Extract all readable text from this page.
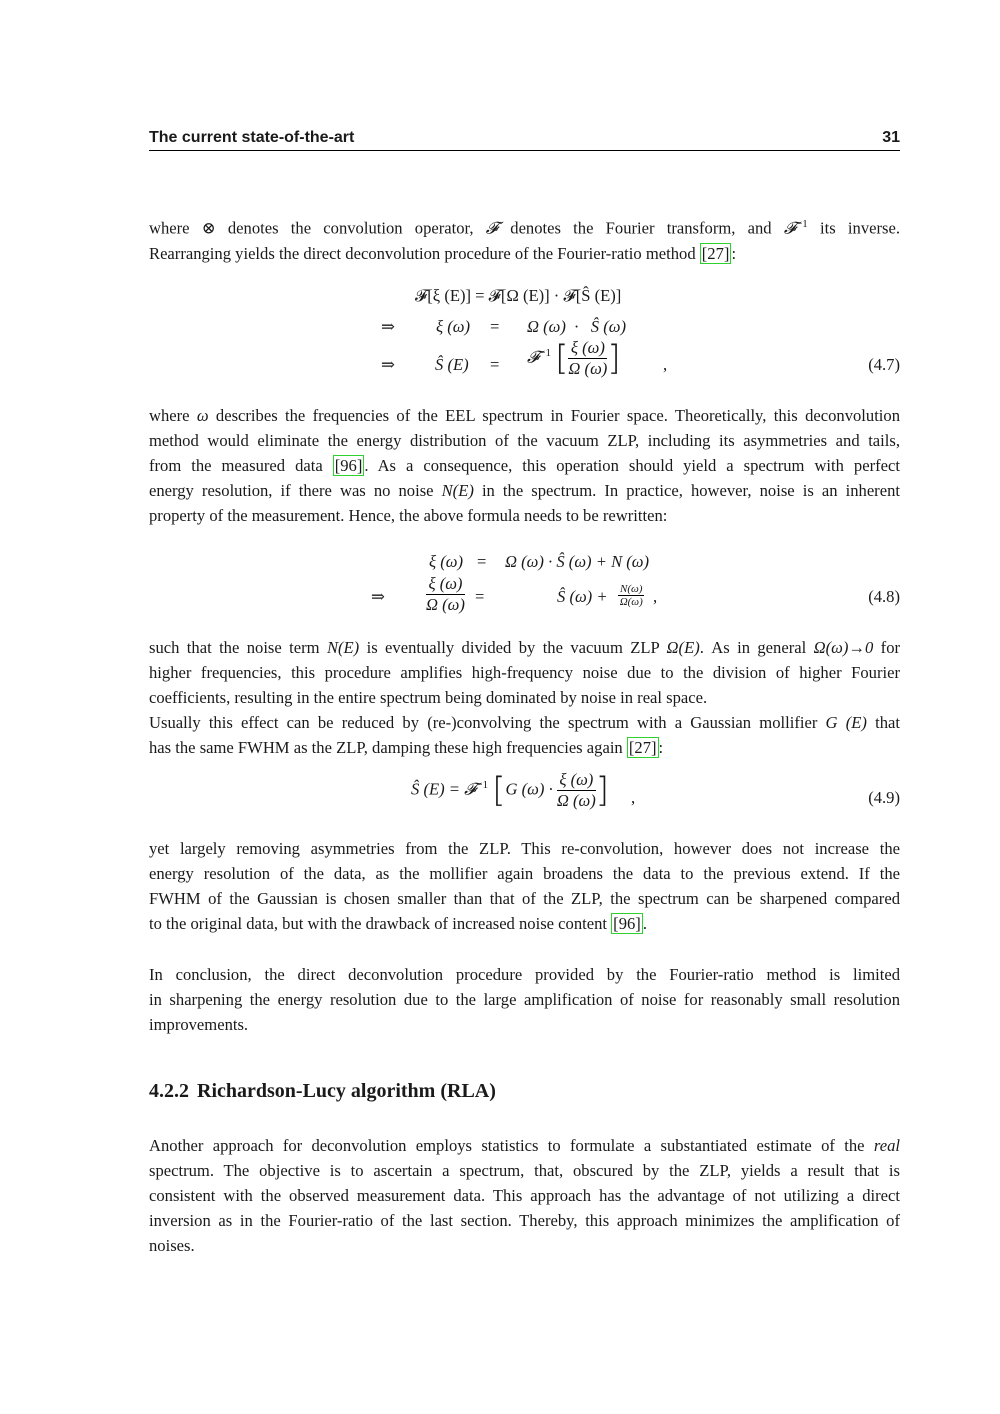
The current state-of-the-art	31
where ⊗ denotes the convolution operator, 𝓕 denotes the Fourier transform, and 𝓕$^{-1}$ its inverse.
Rearranging yields the direct deconvolution procedure of the Fourier-ratio method [27] :
𝓕[ξ (E)] = 𝓕[Ω (E)] · 𝓕[Ŝ (E)]
⇒ ξ (ω) = Ω (ω)  ·   Ŝ (ω)
⇒ Ŝ (E) = 𝓕$^{-1}$ [ $\frac{\xi (\omega)}{\Omega (\omega)}$ ]	,	(4.7)
where ω describes the frequencies of the EEL spectrum in Fourier space. Theoretically, this deconvolution
method would eliminate the energy distribution of the vacuum ZLP, including its asymmetries and tails,
from the measured data [96] . As a consequence, this operation should yield a spectrum with perfect
energy resolution, if there was no noise N(E) in the spectrum. In practice, however, noise is an inherent
property of the measurement. Hence, the above formula needs to be rewritten:
ξ (ω) = Ω (ω) · Ŝ (ω) + N (ω)
⇒ $\frac{\xi (\omega)}{\Omega (\omega)}$ =	Ŝ $(\omega) + \frac{N(\omega)}{\Omega(\omega)}$ ,	(4.8)
such that the noise term N(E) is eventually divided by the vacuum ZLP Ω(E). As in general Ω(ω)→0 for
higher frequencies, this procedure amplifies high-frequency noise due to the division of higher Fourier
coefficients, resulting in the entire spectrum being dominated by noise in real space.
Usually this effect can be reduced by (re-)convolving the spectrum with a Gaussian mollifier G (E) that
has the same FWHM as the ZLP, damping these high frequencies again [27] :
Ŝ (E) = 𝓕$^{-1}$ [G $(\omega) \cdot \frac{\xi (\omega)}{\Omega (\omega)}$ ] ,	(4.9)
yet largely removing asymmetries from the ZLP. This re-convolution, however does not increase the
energy resolution of the data, as the mollifier again broadens the data to the previous extend. If the
FWHM of the Gaussian is chosen smaller than that of the ZLP, the spectrum can be sharpened compared
to the original data, but with the drawback of increased noise content [96] .
In conclusion, the direct deconvolution procedure provided by the Fourier-ratio method is limited
in sharpening the energy resolution due to the large amplification of noise for reasonably small resolution
improvements.
4.2.2 Richardson-Lucy algorithm (RLA)
Another approach for deconvolution employs statistics to formulate a substantiated estimate of the real
spectrum. The objective is to ascertain a spectrum, that, obscured by the ZLP, yields a result that is
consistent with the observed measurement data. This approach has the advantage of not utilizing a direct
inversion as in the Fourier-ratio of the last section. Thereby, this approach minimizes the amplification of
noises.
